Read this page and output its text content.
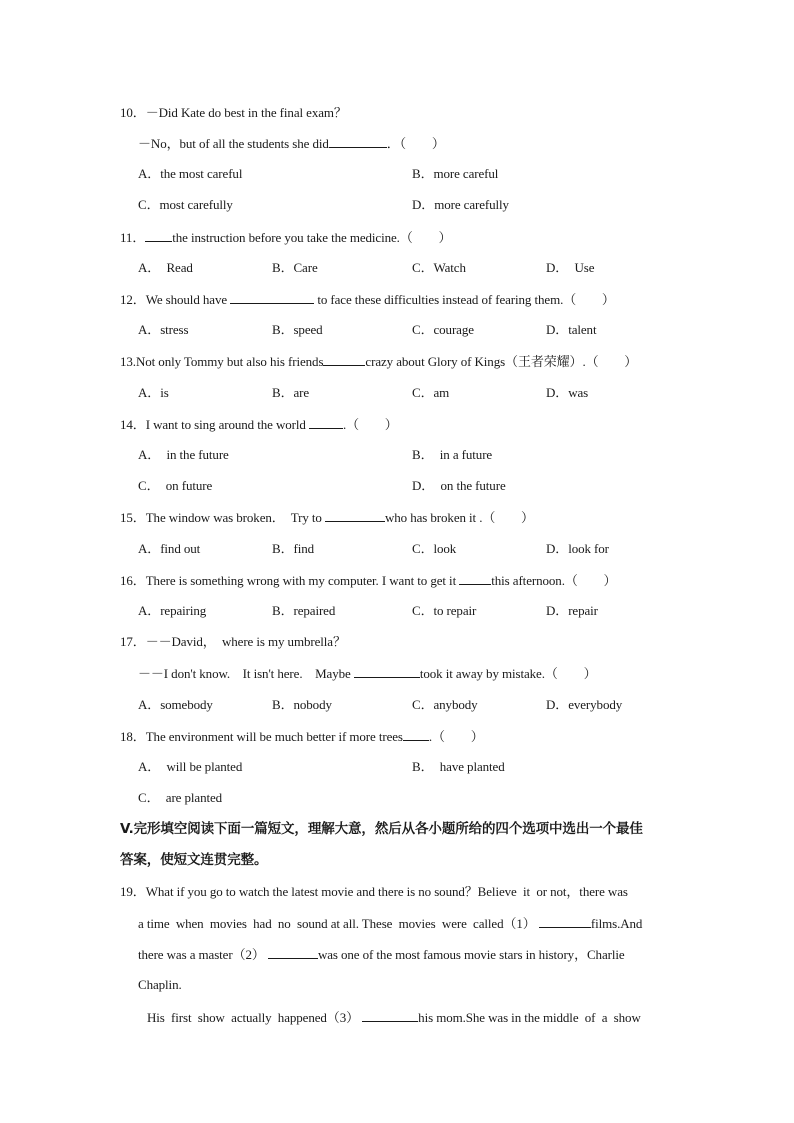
10．－Did Kate do best in the final exam？
－No，but of all the students she did	．（　　）
A．the most careful	B．more careful
C．most carefully	D．more carefully
11． the instruction before you take the medicine.（　　）
A．  Read	B．Care	C．Watch	D．  Use
12．We should have	to face these difficulties instead of fearing them.（　　）
A．stress	B．speed	C．courage	D．talent
13.Not only Tommy but also his friends	crazy about Glory of Kings（王者荣耀）.（　　）
A．is	B．are	C．am	D．was
14．I want to sing around the world	.（　　）
A．  in the future	B．  in a future
C．  on future	D．  on the future
15．The window was broken．  Try to	who has broken it .（　　）
A．find out	B．find	C．look	D．look for
16．There is something wrong with my computer. I want to get it	this afternoon.（　　）
A．repairing	B．repaired	C．to repair	D．repair
17．－－David，  where is my umbrella？
－－I don't know.    It isn't here.    Maybe	took it away by mistake.（　　）
A．somebody	B．nobody	C．anybody	D．everybody
18．The environment will be much better if more trees .（　　）
A．  will be planted	B．  have planted
C．  are planted
V.完形填空阅读下面一篇短文，理解大意，然后从各小题所给的四个选项中选出一个最佳
答案，使短文连贯完整。
19．What if you go to watch the latest movie and there is no sound？Believe  it  or not，there was
a time  when  movies  had  no  sound at all. These  movies  were  called（1）	films.And
there was a master（2）	was one of the most famous movie stars in history，Charlie
Chaplin.
His  first  show  actually  happened（3）	his mom.She was in the middle  of  a  show
